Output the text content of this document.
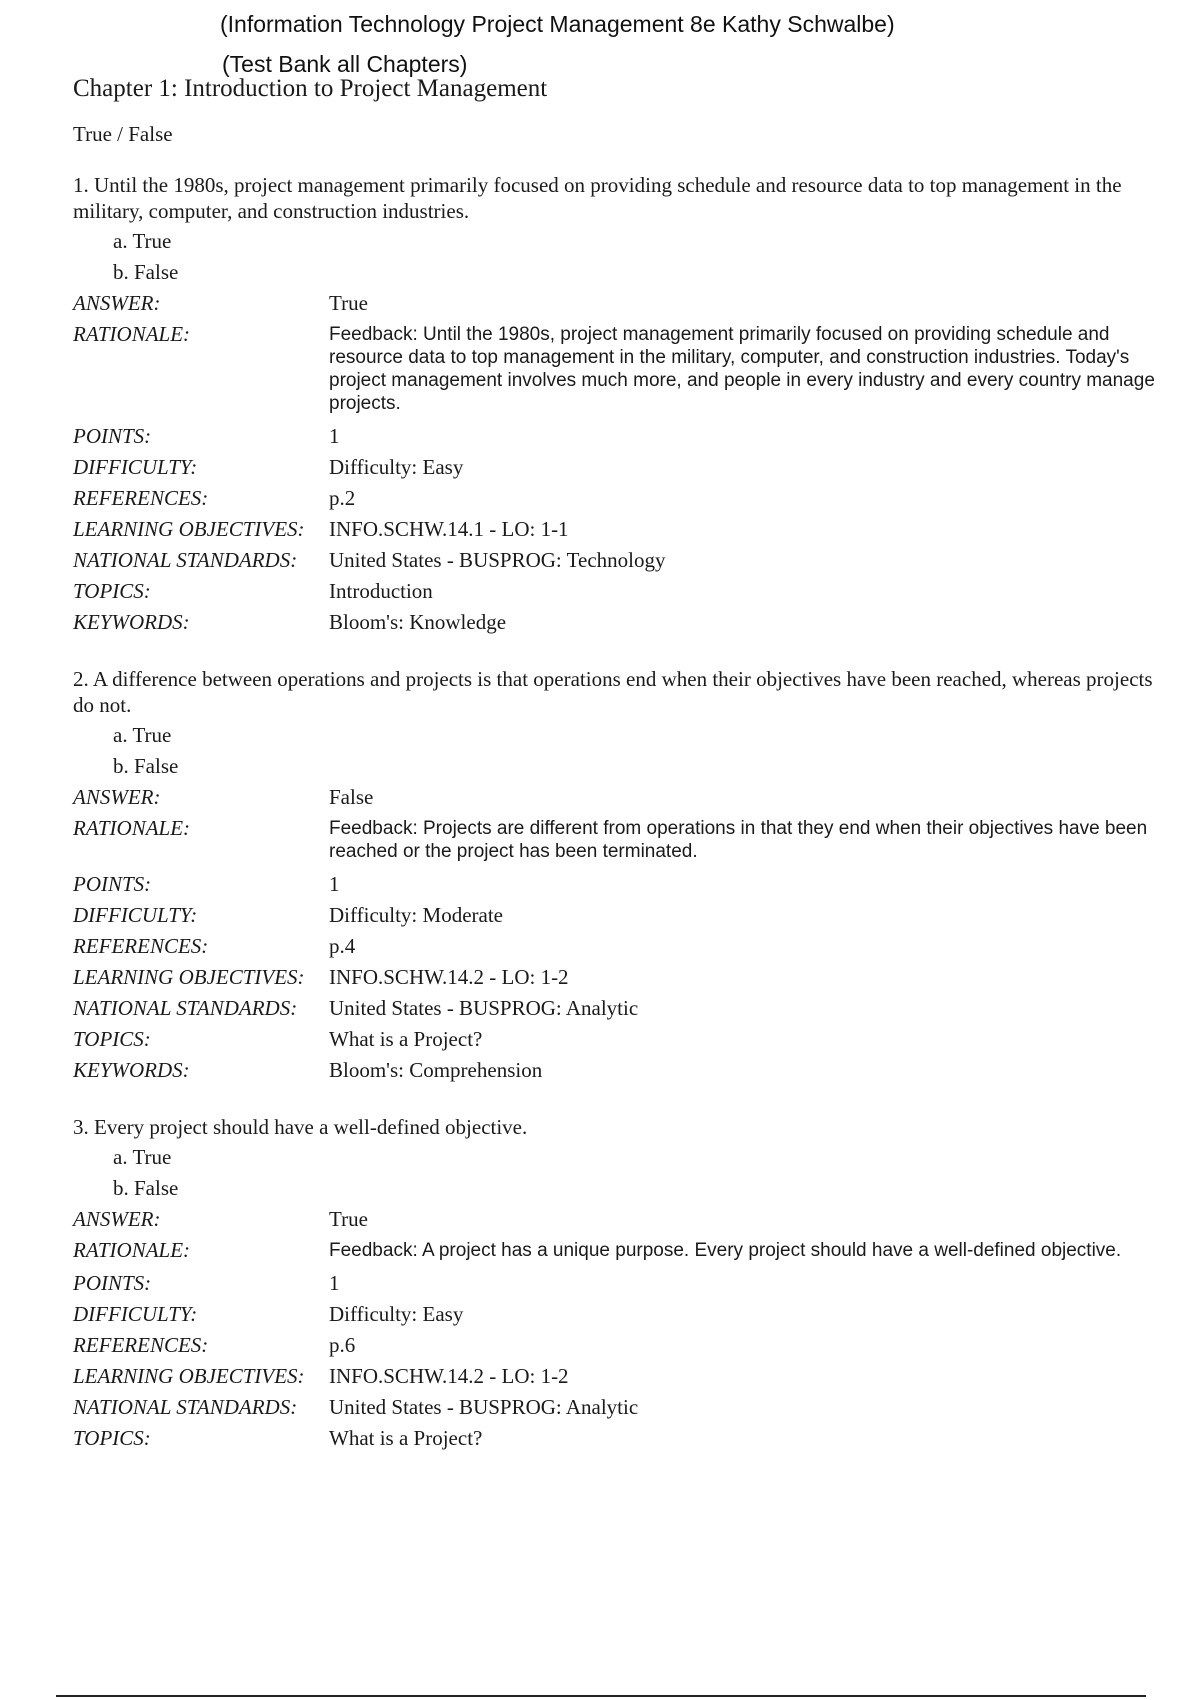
(Information Technology Project Management 8e Kathy Schwalbe)
(Test Bank all Chapters)
Chapter 1: Introduction to Project Management
True / False
1. Until the 1980s, project management primarily focused on providing schedule and resource data to top management in the military, computer, and construction industries.
a. True
b. False
ANSWER:	True
RATIONALE:	Feedback: Until the 1980s, project management primarily focused on providing schedule and resource data to top management in the military, computer, and construction industries. Today's project management involves much more, and people in every industry and every country manage projects.
POINTS:	1
DIFFICULTY:	Difficulty: Easy
REFERENCES:	p.2
LEARNING OBJECTIVES:	INFO.SCHW.14.1 - LO: 1-1
NATIONAL STANDARDS:	United States - BUSPROG: Technology
TOPICS:	Introduction
KEYWORDS:	Bloom's: Knowledge
2. A difference between operations and projects is that operations end when their objectives have been reached, whereas projects do not.
a. True
b. False
ANSWER:	False
RATIONALE:	Feedback: Projects are different from operations in that they end when their objectives have been reached or the project has been terminated.
POINTS:	1
DIFFICULTY:	Difficulty: Moderate
REFERENCES:	p.4
LEARNING OBJECTIVES:	INFO.SCHW.14.2 - LO: 1-2
NATIONAL STANDARDS:	United States - BUSPROG: Analytic
TOPICS:	What is a Project?
KEYWORDS:	Bloom's: Comprehension
3. Every project should have a well-defined objective.
a. True
b. False
ANSWER:	True
RATIONALE:	Feedback: A project has a unique purpose. Every project should have a well-defined objective.
POINTS:	1
DIFFICULTY:	Difficulty: Easy
REFERENCES:	p.6
LEARNING OBJECTIVES:	INFO.SCHW.14.2 - LO: 1-2
NATIONAL STANDARDS:	United States - BUSPROG: Analytic
TOPICS:	What is a Project?
